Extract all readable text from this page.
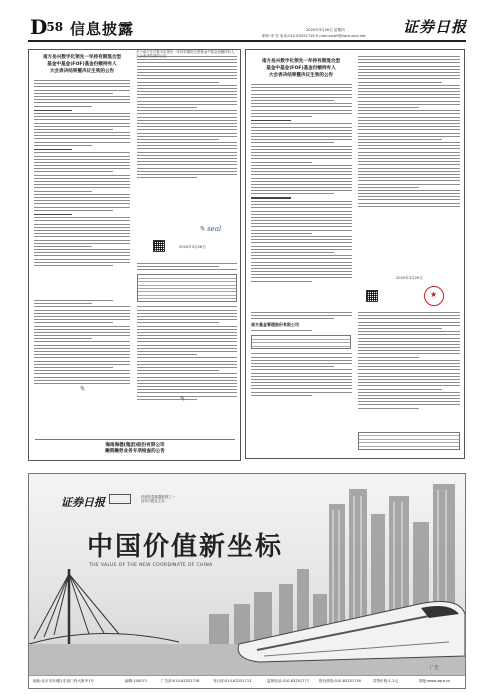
$D^{58}$ 信息披露	2020年3月26日 星期四
制作:李 雪 电话:010-83251716 E-mail:zqrb9@zqrb.sina.net 证券日报
南方岳兴数字化领先一年持有期混合型
基金中基金(FOF)基金份额持有人
大会表决结果暨决议生效的公告
✎ seal
2020年3月26日
✎
✎
海南海德(集团)股份有限公司
融资融券业务专项检查的公告
南方岳兴数字化领先一年持有期混合型
基金中基金(FOF)基金份额持有人
大会表决结果暨决议生效的公告
★
2020年3月26日
南方基金管理股份有限公司
证券日报	权威信息披露报纸之一
证券日报社主办
中国价值新坐标
THE VALUE OF THE NEW COORDINATE OF CHINA
广告
地址:北京市东城区东直门内大街甲1号	编辑:100071	广告部:010-83251716	发行部:010-83251713	监督电话:010-83251777	报价热线:010-83251750	零售价格:1-2元	网址:www.zqrb.cn
关于南方岳兴数字化领先一年持有期混合型基金中基金份额持有人大会表决结果的公告
